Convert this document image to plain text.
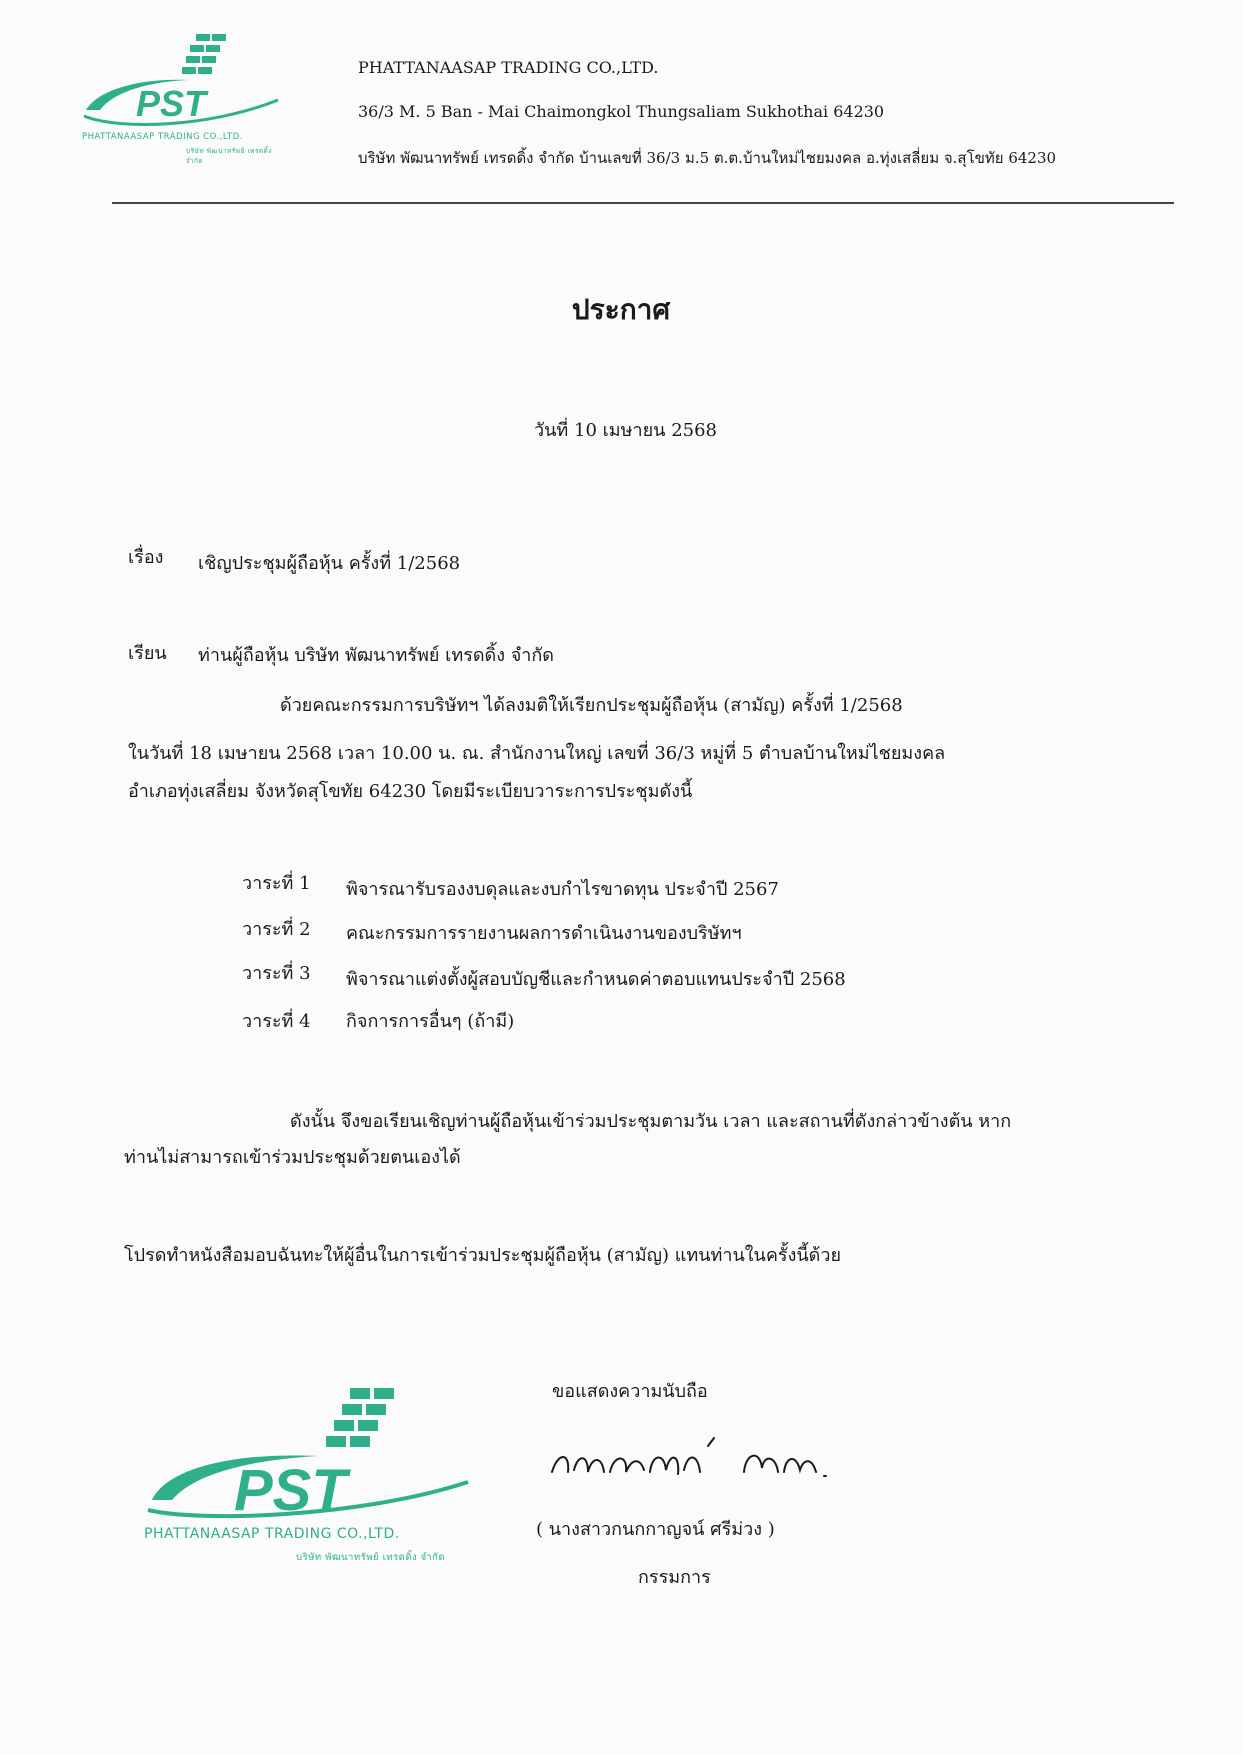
PST
PHATTANAASAP TRADING CO.,LTD.
บริษัท พัฒนาทรัพย์ เทรดดิ้ง จำกัด
PHATTANAASAP TRADING CO.,LTD.
36/3 M. 5 Ban - Mai Chaimongkol Thungsaliam Sukhothai 64230
บริษัท พัฒนาทรัพย์ เทรดดิ้ง จำกัด บ้านเลขที่ 36/3 ม.5 ต.ต.บ้านใหม่ไชยมงคล อ.ทุ่งเสลี่ยม จ.สุโขทัย 64230
ประกาศ
วันที่ 10 เมษายน 2568
เรื่อง เชิญประชุมผู้ถือหุ้น ครั้งที่ 1/2568
เรียน ท่านผู้ถือหุ้น บริษัท พัฒนาทรัพย์ เทรดดิ้ง จำกัด
ด้วยคณะกรรมการบริษัทฯ ได้ลงมติให้เรียกประชุมผู้ถือหุ้น (สามัญ) ครั้งที่ 1/2568
ในวันที่ 18 เมษายน 2568 เวลา 10.00 น. ณ. สำนักงานใหญ่ เลขที่ 36/3 หมู่ที่ 5 ตำบลบ้านใหม่ไชยมงคล
อำเภอทุ่งเสลี่ยม จังหวัดสุโขทัย 64230 โดยมีระเบียบวาระการประชุมดังนี้
วาระที่ 1 พิจารณารับรองงบดุลและงบกำไรขาดทุน ประจำปี 2567
วาระที่ 2 คณะกรรมการรายงานผลการดำเนินงานของบริษัทฯ
วาระที่ 3 พิจารณาแต่งตั้งผู้สอบบัญชีและกำหนดค่าตอบแทนประจำปี 2568
วาระที่ 4 กิจการการอื่นๆ (ถ้ามี)
ดังนั้น จึงขอเรียนเชิญท่านผู้ถือหุ้นเข้าร่วมประชุมตามวัน เวลา และสถานที่ดังกล่าวข้างต้น หาก
ท่านไม่สามารถเข้าร่วมประชุมด้วยตนเองได้
โปรดทำหนังสือมอบฉันทะให้ผู้อื่นในการเข้าร่วมประชุมผู้ถือหุ้น (สามัญ) แทนท่านในครั้งนี้ด้วย
ขอแสดงความนับถือ
( นางสาวกนกกาญจน์ ศรีม่วง )
กรรมการ
PST
PHATTANAASAP TRADING CO.,LTD.
บริษัท พัฒนาทรัพย์ เทรดดิ้ง จำกัด
